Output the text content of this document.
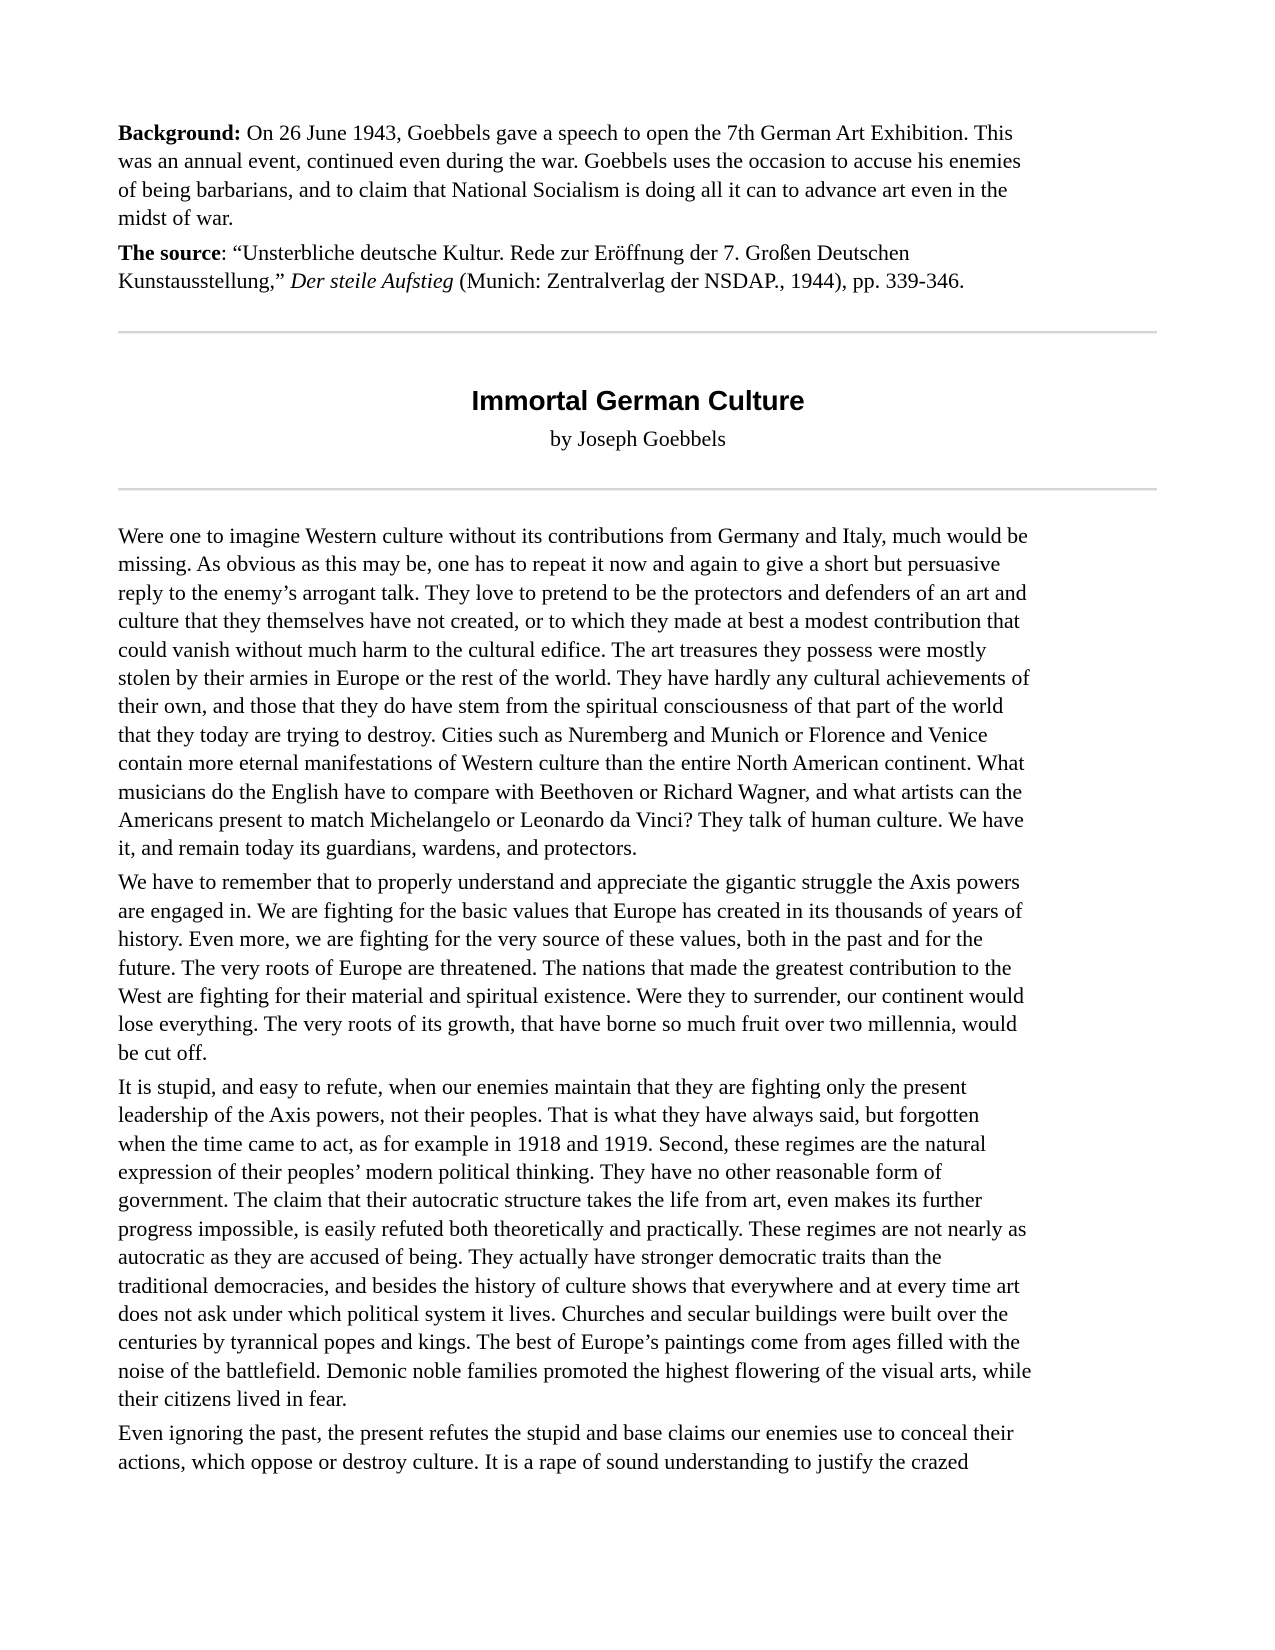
Background: On 26 June 1943, Goebbels gave a speech to open the 7th German Art Exhibition. This
was an annual event, continued even during the war. Goebbels uses the occasion to accuse his enemies
of being barbarians, and to claim that National Socialism is doing all it can to advance art even in the
midst of war.

The source: “Unsterbliche deutsche Kultur. Rede zur Eröffnung der 7. Großen Deutschen
Kunstausstellung,” Der steile Aufstieg (Munich: Zentralverlag der NSDAP., 1944), pp. 339-346.

Immortal German Culture

by Joseph Goebbels

Were one to imagine Western culture without its contributions from Germany and Italy, much would be
missing. As obvious as this may be, one has to repeat it now and again to give a short but persuasive
reply to the enemy’s arrogant talk. They love to pretend to be the protectors and defenders of an art and
culture that they themselves have not created, or to which they made at best a modest contribution that
could vanish without much harm to the cultural edifice. The art treasures they possess were mostly
stolen by their armies in Europe or the rest of the world. They have hardly any cultural achievements of
their own, and those that they do have stem from the spiritual consciousness of that part of the world
that they today are trying to destroy. Cities such as Nuremberg and Munich or Florence and Venice
contain more eternal manifestations of Western culture than the entire North American continent. What
musicians do the English have to compare with Beethoven or Richard Wagner, and what artists can the
Americans present to match Michelangelo or Leonardo da Vinci? They talk of human culture. We have
it, and remain today its guardians, wardens, and protectors.

We have to remember that to properly understand and appreciate the gigantic struggle the Axis powers
are engaged in. We are fighting for the basic values that Europe has created in its thousands of years of
history. Even more, we are fighting for the very source of these values, both in the past and for the
future. The very roots of Europe are threatened. The nations that made the greatest contribution to the
West are fighting for their material and spiritual existence. Were they to surrender, our continent would
lose everything. The very roots of its growth, that have borne so much fruit over two millennia, would
be cut off.

It is stupid, and easy to refute, when our enemies maintain that they are fighting only the present
leadership of the Axis powers, not their peoples. That is what they have always said, but forgotten
when the time came to act, as for example in 1918 and 1919. Second, these regimes are the natural
expression of their peoples’ modern political thinking. They have no other reasonable form of
government. The claim that their autocratic structure takes the life from art, even makes its further
progress impossible, is easily refuted both theoretically and practically. These regimes are not nearly as
autocratic as they are accused of being. They actually have stronger democratic traits than the
traditional democracies, and besides the history of culture shows that everywhere and at every time art
does not ask under which political system it lives. Churches and secular buildings were built over the
centuries by tyrannical popes and kings. The best of Europe’s paintings come from ages filled with the
noise of the battlefield. Demonic noble families promoted the highest flowering of the visual arts, while
their citizens lived in fear.

Even ignoring the past, the present refutes the stupid and base claims our enemies use to conceal their
actions, which oppose or destroy culture. It is a rape of sound understanding to justify the crazed
